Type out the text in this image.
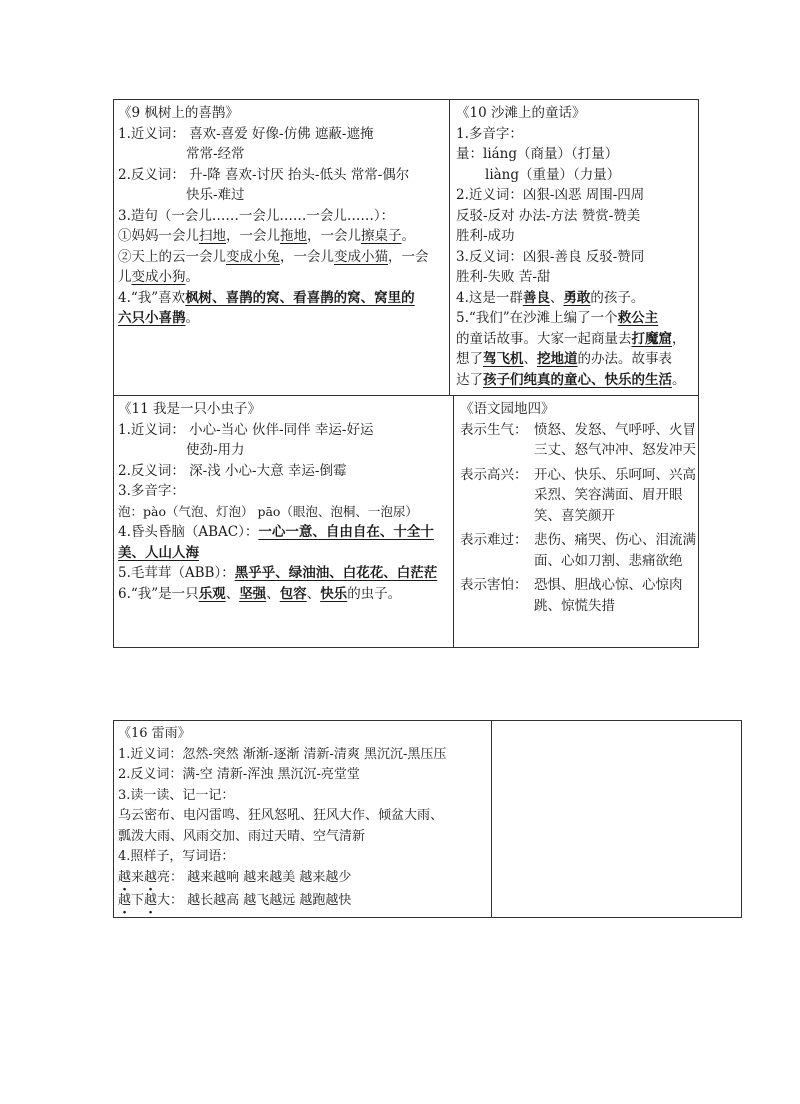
《9 枫树上的喜鹊》
1.近义词： 喜欢-喜爱 好像-仿佛 遮蔽-遮掩
常常-经常
2.反义词： 升-降 喜欢-讨厌 抬头-低头 常常-偶尔
快乐-难过
3.造句（一会儿……一会儿……一会儿……）：
①妈妈一会儿扫地，一会儿拖地，一会儿擦桌子。
②天上的云一会儿变成小兔，一会儿变成小猫，一会
儿变成小狗。
4.“我”喜欢枫树、喜鹊的窝、看喜鹊的窝、窝里的
六只小喜鹊。
《10 沙滩上的童话》
1.多音字：
量：liáng（商量）（打量）
liàng（重量）（力量）
2.近义词：凶狠-凶恶 周围-四周
反驳-反对 办法-方法 赞赏-赞美
胜利-成功
3.反义词：凶狠-善良 反驳-赞同
胜利-失败 苦-甜
4.这是一群善良、勇敢的孩子。
5.“我们”在沙滩上编了一个救公主
的童话故事。大家一起商量去打魔窟，
想了驾飞机、挖地道的办法。故事表
达了孩子们纯真的童心、快乐的生活。
《11 我是一只小虫子》
1.近义词： 小心-当心 伙伴-同伴 幸运-好运
使劲-用力
2.反义词： 深-浅 小心-大意 幸运-倒霉
3.多音字：
泡：pào（气泡、灯泡） pāo（眼泡、泡桐、一泡尿）
4.昏头昏脑（ABAC）：一心一意、自由自在、十全十
美、人山人海
5.毛茸茸（ABB）：黑乎乎、绿油油、白花花、白茫茫
6.“我”是一只乐观、坚强、包容、快乐的虫子。
《语文园地四》
表示生气： 愤怒、发怒、气呼呼、火冒三丈、怒气冲冲、怒发冲天
表示高兴： 开心、快乐、乐呵呵、兴高采烈、笑容满面、眉开眼笑、喜笑颜开
表示难过： 悲伤、痛哭、伤心、泪流满面、心如刀割、悲痛欲绝
表示害怕： 恐惧、胆战心惊、心惊肉跳、惊慌失措
《16 雷雨》
1.近义词：忽然-突然 渐渐-逐渐 清新-清爽 黑沉沉-黑压压
2.反义词：满-空 清新-浑浊 黑沉沉-亮堂堂
3.读一读、记一记：
乌云密布、电闪雷鸣、狂风怒吼、狂风大作、倾盆大雨、
瓢泼大雨、风雨交加、雨过天晴、空气清新
4.照样子，写词语：
越来越亮： 越来越响 越来越美 越来越少
越下越大： 越长越高 越飞越远 越跑越快
